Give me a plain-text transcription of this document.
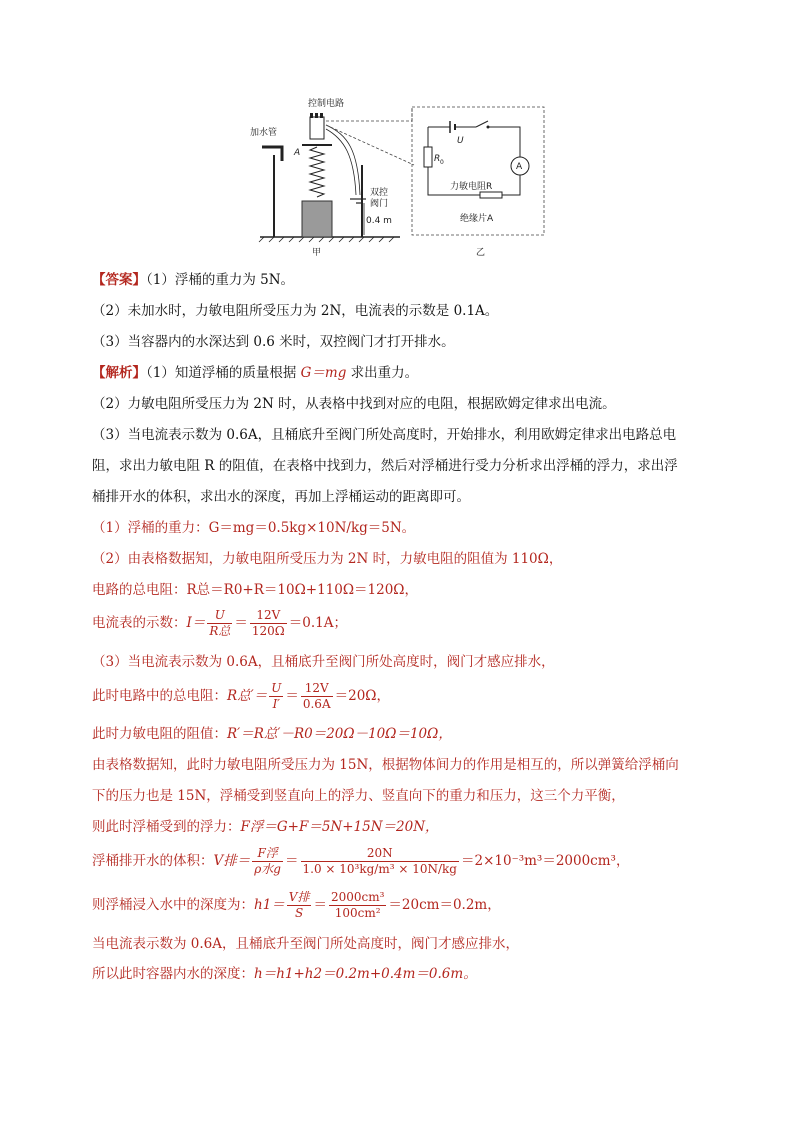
加水管
控制电路
A
双控
阀门
0.4 m
甲
U
R 0	A
力敏电阻R
绝缘片A
乙
【答案】（1）浮桶的重力为 5N。
（2）未加水时，力敏电阻所受压力为 2N，电流表的示数是 0.1A。
（3）当容器内的水深达到 0.6 米时，双控阀门才打开排水。
【解析】（1）知道浮桶的质量根据 G＝mg 求出重力。
（2）力敏电阻所受压力为 2N 时，从表格中找到对应的电阻，根据欧姆定律求出电流。
（3）当电流表示数为 0.6A，且桶底升至阀门所处高度时，开始排水，利用欧姆定律求出电路总电
阻，求出力敏电阻 R 的阻值，在表格中找到力，然后对浮桶进行受力分析求出浮桶的浮力，求出浮
桶排开水的体积，求出水的深度，再加上浮桶运动的距离即可。
（1）浮桶的重力：G＝mg＝0.5kg×10N/kg＝5N。
（2）由表格数据知，力敏电阻所受压力为 2N 时，力敏电阻的阻值为 110Ω，
电路的总电阻：R总＝R0+R＝10Ω+110Ω＝120Ω，
电流表的示数：$I= \frac{U}{\text{R总}} = \frac{12V}{120\Omega} =0.1A$；
（3）当电流表示数为 0.6A，且桶底升至阀门所处高度时，阀门才感应排水，
此时电路中的总电阻：R总′＝ $\frac{U}{I'} = \frac{12V}{0.6A} =20\Omega$，
此时力敏电阻的阻值：R′＝R总′－R0＝20Ω－10Ω＝10Ω，
由表格数据知，此时力敏电阻所受压力为 15N，根据物体间力的作用是相互的，所以弹簧给浮桶向
下的压力也是 15N，浮桶受到竖直向上的浮力、竖直向下的重力和压力，这三个力平衡，
则此时浮桶受到的浮力：F浮＝G+F＝5N+15N＝20N，
浮桶排开水的体积：V排＝ $\frac{\text{F浮}}{\text{ρ水g}} = \frac{20N}{\text{1.0 × 10³kg/m³ × 10N/kg}} =2\times 10^{-3}m^3=2000cm^3$，
则浮桶浸入水中的深度为：$h1= \frac{\text{V排}}{S} = \frac{\text{2000cm³}}{\text{100cm²}} =20cm=0.2m$，
当电流表示数为 0.6A，且桶底升至阀门所处高度时，阀门才感应排水，
所以此时容器内水的深度：h＝h1+h2＝0.2m+0.4m＝0.6m。
